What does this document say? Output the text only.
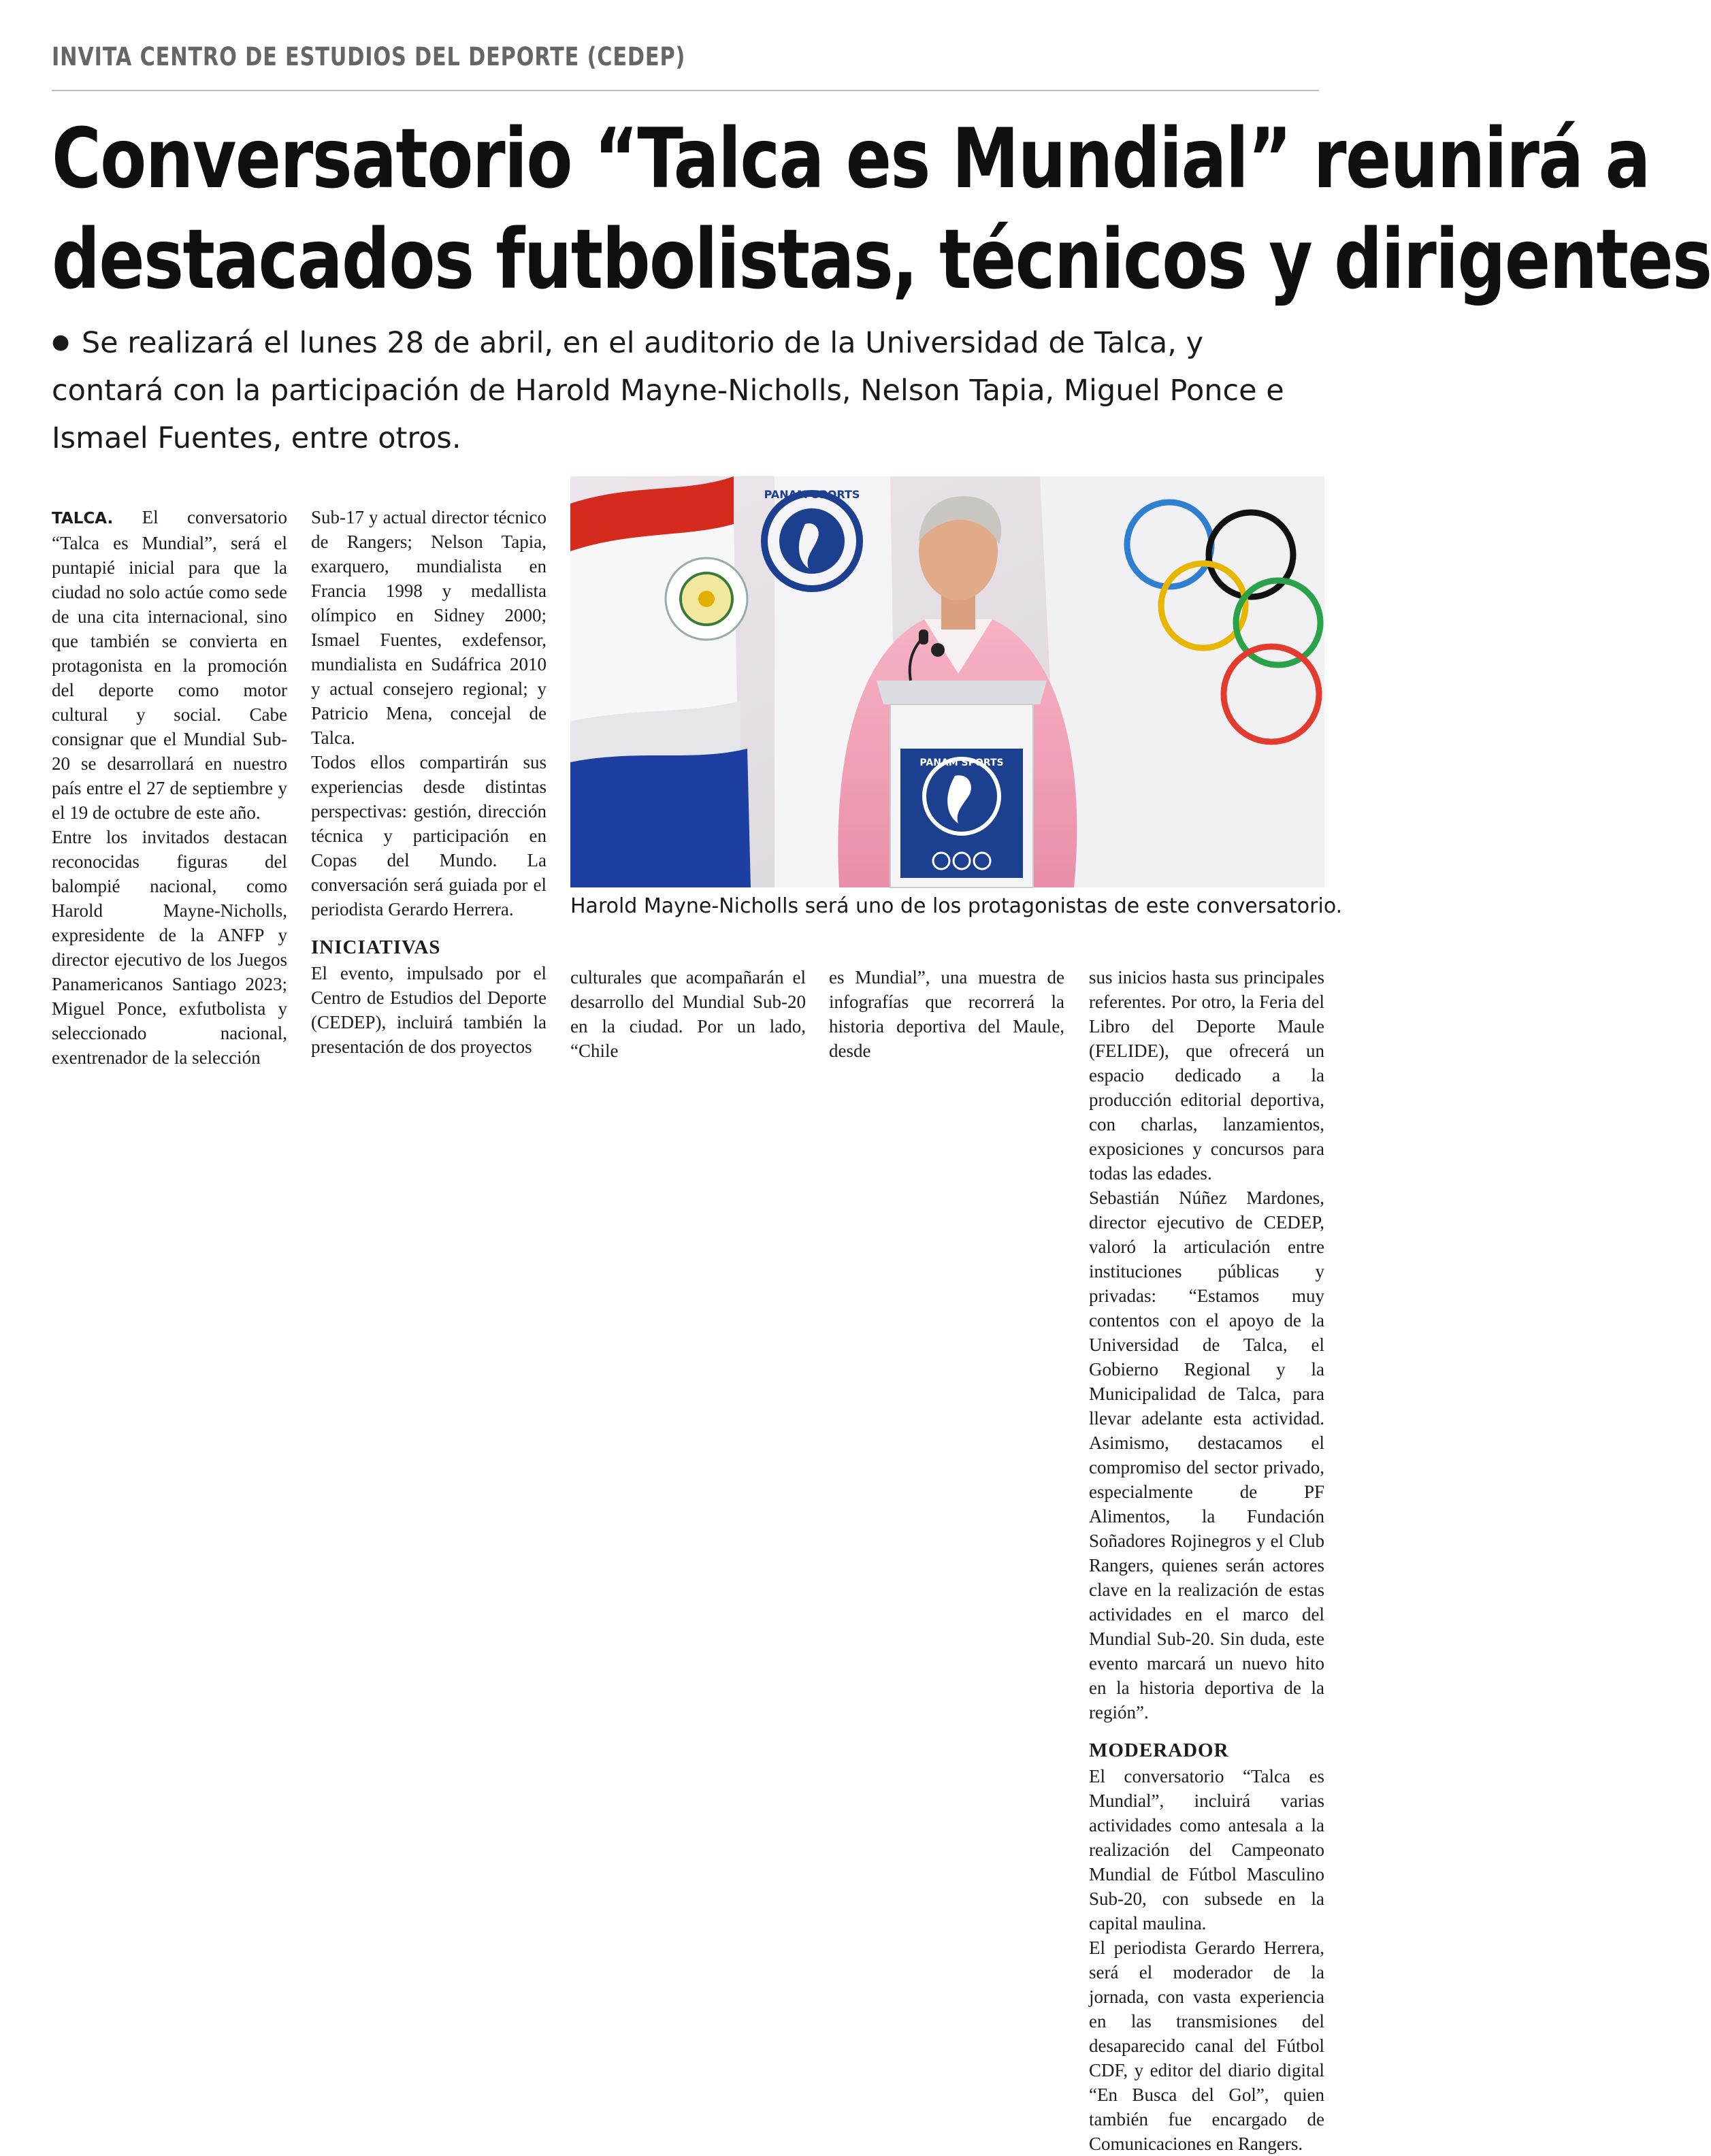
INVITA CENTRO DE ESTUDIOS DEL DEPORTE (CEDEP)
Conversatorio “Talca es Mundial” reunirá a
destacados futbolistas, técnicos y dirigentes
● Se realizará el lunes 28 de abril, en el auditorio de la Universidad de Talca, y contará con la participación de Harold Mayne-Nicholls, Nelson Tapia, Miguel Ponce e Ismael Fuentes, entre otros.

TALCA. El conversatorio “Talca es Mundial”, será el puntapié inicial para que la ciudad no solo actúe como sede de una cita internacional, sino que también se convierta en protagonista en la promoción del deporte como motor cultural y social. Cabe consignar que el Mundial Sub-20 se desarrollará en nuestro país entre el 27 de septiembre y el 19 de octubre de este año.

Entre los invitados destacan reconocidas figuras del balompié nacional, como Harold Mayne-Nicholls, expresidente de la ANFP y director ejecutivo de los Juegos Panamericanos Santiago 2023; Miguel Ponce, exfutbolista y seleccionado nacional, exentrenador de la selección

Sub-17 y actual director técnico de Rangers; Nelson Tapia, exarquero, mundialista en Francia 1998 y medallista olímpico en Sidney 2000; Ismael Fuentes, exdefensor, mundialista en Sudáfrica 2010 y actual consejero regional; y Patricio Mena, concejal de Talca.

Todos ellos compartirán sus experiencias desde distintas perspectivas: gestión, dirección técnica y participación en Copas del Mundo. La conversación será guiada por el periodista Gerardo Herrera.

INICIATIVAS

El evento, impulsado por el Centro de Estudios del Deporte (CEDEP), incluirá también la presentación de dos proyectos

PANAM SPORTS
PANAM SPORTS
Harold Mayne-Nicholls será uno de los protagonistas de este conversatorio.

culturales que acompañarán el desarrollo del Mundial Sub-20 en la ciudad. Por un lado, “Chile

es Mundial”, una muestra de infografías que recorrerá la historia deportiva del Maule, desde

sus inicios hasta sus principales referentes. Por otro, la Feria del Libro del Deporte Maule (FELIDE), que ofrecerá un espacio dedicado a la producción editorial deportiva, con charlas, lanzamientos, exposiciones y concursos para todas las edades.

Sebastián Núñez Mardones, director ejecutivo de CEDEP, valoró la articulación entre instituciones públicas y privadas: “Estamos muy contentos con el apoyo de la Universidad de Talca, el Gobierno Regional y la Municipalidad de Talca, para llevar adelante esta actividad. Asimismo, destacamos el compromiso del sector privado, especialmente de PF Alimentos, la Fundación Soñadores Rojinegros y el Club Rangers, quienes serán actores clave en la realización de estas actividades en el marco del Mundial Sub-20. Sin duda, este evento marcará un nuevo hito en la historia deportiva de la región”.

MODERADOR

El conversatorio “Talca es Mundial”, incluirá varias actividades como antesala a la realización del Campeonato Mundial de Fútbol Masculino Sub-20, con subsede en la capital maulina.

El periodista Gerardo Herrera, será el moderador de la jornada, con vasta experiencia en las transmisiones del desaparecido canal del Fútbol CDF, y editor del diario digital “En Busca del Gol”, quien también fue encargado de Comunicaciones en Rangers.
